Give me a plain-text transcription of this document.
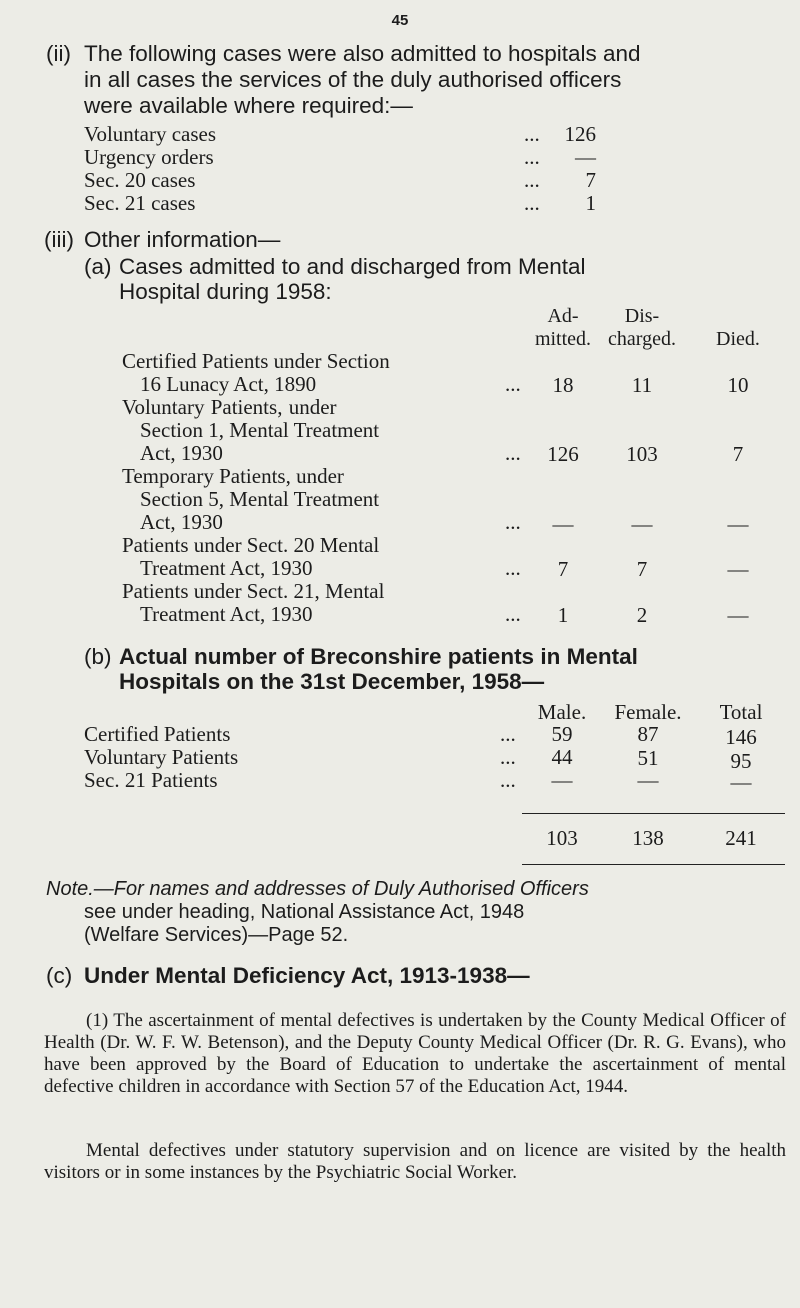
45
(ii) The following cases were also admitted to hospitals and
in all cases the services of the duly authorised officers
were available where required:—
Voluntary cases	...	126
Urgency orders	...	—
Sec. 20 cases	...	7
Sec. 21 cases	...	1
(iii) Other information—
(a) Cases admitted to and discharged from Mental
Hospital during 1958:
Ad-
mitted.
Dis-
charged.	Died.
Certified Patients under Section
16 Lunacy Act, 1890	...	18	11	10
Voluntary Patients, under
Section 1, Mental Treatment
Act, 1930	...	126	103	7
Temporary Patients, under
Section 5, Mental Treatment
Act, 1930	...	—	—	—
Patients under Sect. 20 Mental
Treatment Act, 1930	...	7	7	—
Patients under Sect. 21, Mental
Treatment Act, 1930	...	1	2	—
(b) Actual number of Breconshire patients in Mental
Hospitals on the 31st December, 1958—
Male.	Female.	Total
Certified Patients	...	59	87	146
Voluntary Patients	...	44	51	95
Sec. 21 Patients	...	—	—	—
103	138	241
Note.—For names and addresses of Duly Authorised Officers
see under heading, National Assistance Act, 1948
(Welfare Services)—Page 52.
(c) Under Mental Deficiency Act, 1913-1938—
(1) The ascertainment of mental defectives is undertaken by the County Medical Officer of Health (Dr. W. F. W. Betenson), and the Deputy County Medical Officer (Dr. R. G. Evans), who have been approved by the Board of Education to undertake the ascertainment of mental defective children in accordance with Section 57 of the Education Act, 1944.
Mental defectives under statutory supervision and on licence are visited by the health visitors or in some instances by the Psychiatric Social Worker.
